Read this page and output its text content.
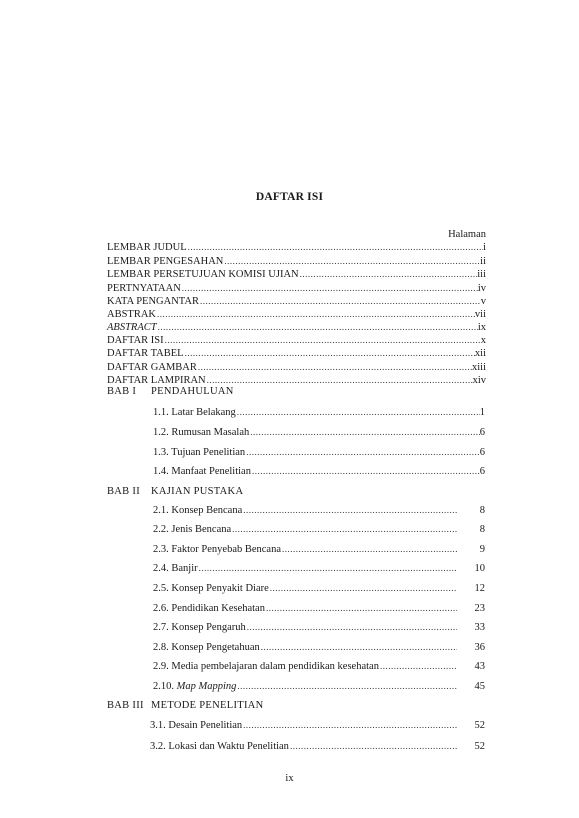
DAFTAR ISI
Halaman
LEMBAR JUDUL .....	i
LEMBAR PENGESAHAN .....	ii
LEMBAR PERSETUJUAN KOMISI UJIAN .....	iii
PERTNYATAAN .....	iv
KATA PENGANTAR .....	v
ABSTRAK .....	vii
ABSTRACT .....	ix
DAFTAR ISI .....	x
DAFTAR TABEL .....	xii
DAFTAR GAMBAR .....	xiii
DAFTAR LAMPIRAN .....	xiv
BAB I PENDAHULUAN
1.1. Latar Belakang .....	1
1.2. Rumusan Masalah .....	6
1.3. Tujuan Penelitian .....	6
1.4. Manfaat Penelitian .....	6
BAB II KAJIAN PUSTAKA
2.1. Konsep Bencana .....	8
2.2. Jenis Bencana .....	8
2.3. Faktor Penyebab Bencana .....	9
2.4. Banjir .....	10
2.5. Konsep Penyakit Diare .....	12
2.6. Pendidikan Kesehatan .....	23
2.7. Konsep Pengaruh .....	33
2.8. Konsep Pengetahuan .....	36
2.9. Media pembelajaran dalam pendidikan kesehatan .....	43
2.10. Map Mapping .....	45
BAB III METODE PENELITIAN
3.1. Desain Penelitian .....	52
3.2. Lokasi dan Waktu Penelitian .....	52
ix
